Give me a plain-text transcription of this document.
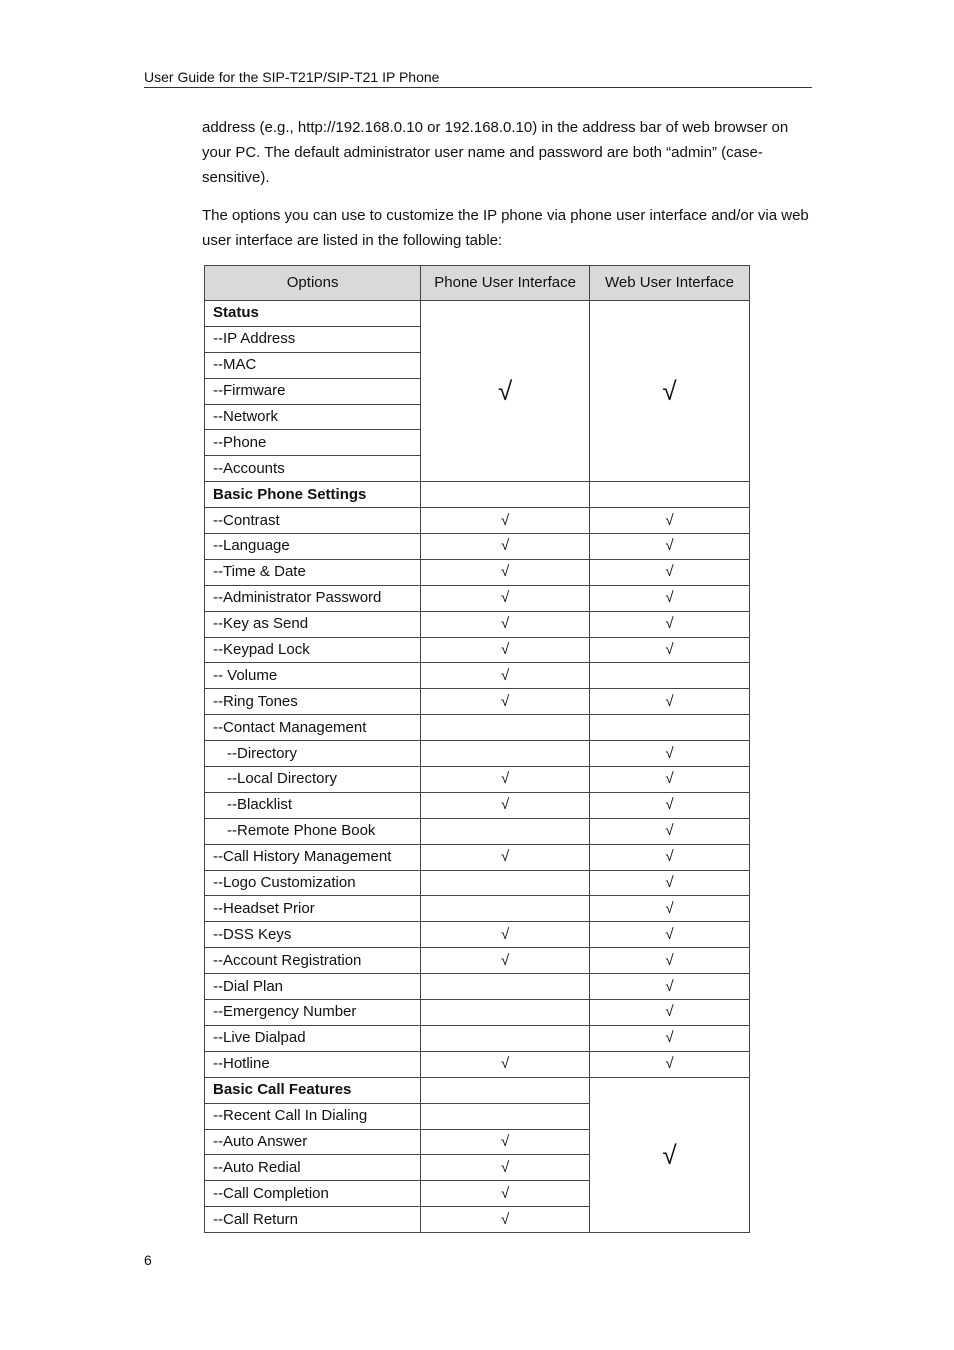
User Guide for the SIP-T21P/SIP-T21 IP Phone

address (e.g., http://192.168.0.10 or 192.168.0.10) in the address bar of web browser on your PC. The default administrator user name and password are both “admin” (case-sensitive).

The options you can use to customize the IP phone via phone user interface and/or via web user interface are listed in the following table:

Options	Phone User Interface	Web User Interface
Status	√	√
--IP Address		
--MAC		
--Firmware		
--Network		
--Phone		
--Accounts		
Basic Phone Settings		
--Contrast	√	√
--Language	√	√
--Time & Date	√	√
--Administrator Password	√	√
--Key as Send	√	√
--Keypad Lock	√	√
-- Volume	√	
--Ring Tones	√	√
--Contact Management		
--Directory		√
--Local Directory	√	√
--Blacklist	√	√
--Remote Phone Book		√
--Call History Management	√	√
--Logo Customization		√
--Headset Prior		√
--DSS Keys	√	√
--Account Registration	√	√
--Dial Plan		√
--Emergency Number		√
--Live Dialpad		√
--Hotline	√	√
Basic Call Features		√
--Recent Call In Dialing		
--Auto Answer	√	
--Auto Redial	√	
--Call Completion	√	
--Call Return	√	
6
